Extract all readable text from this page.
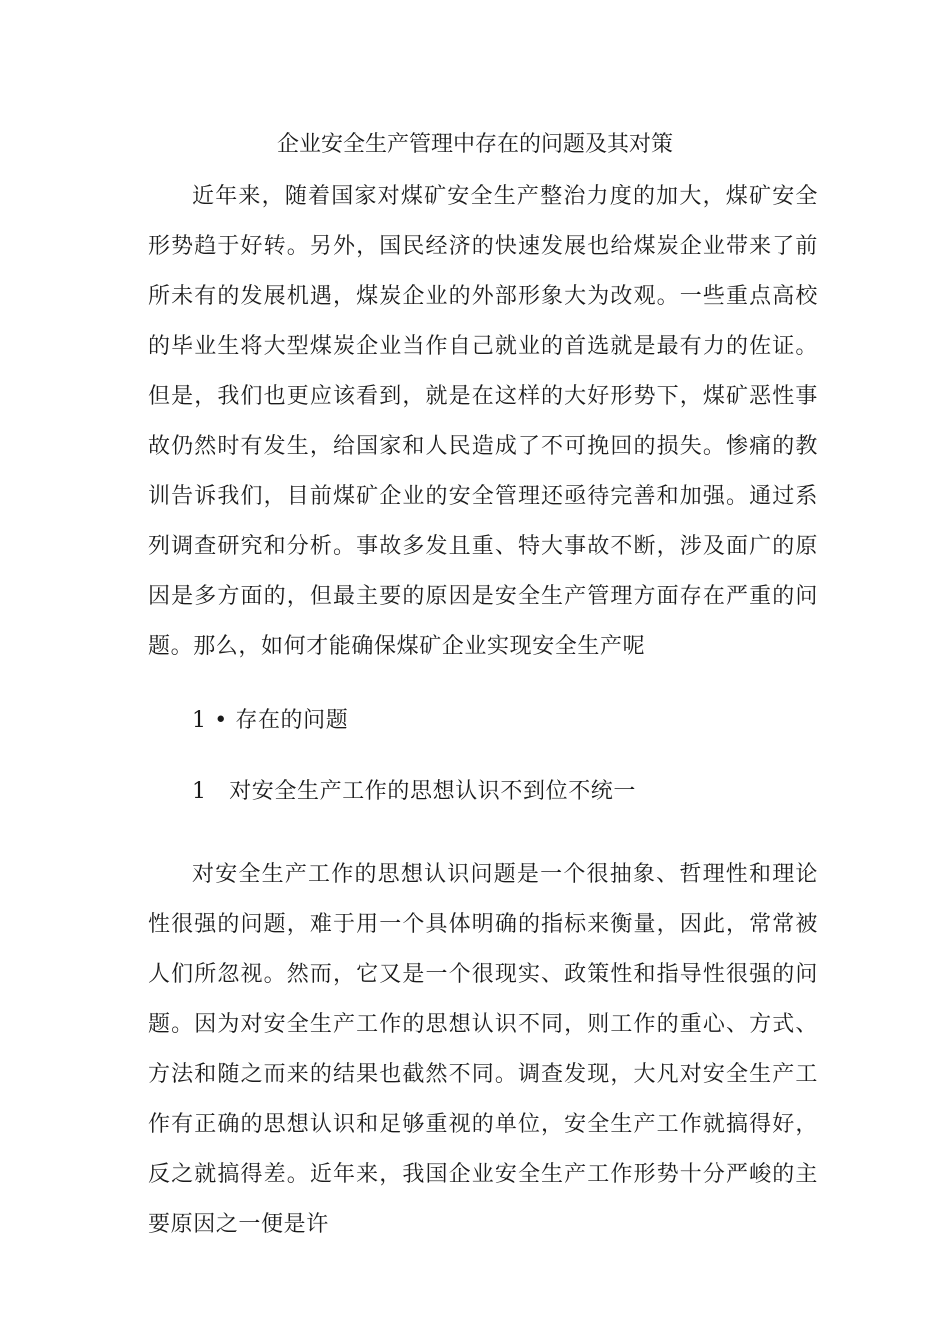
企业安全生产管理中存在的问题及其对策

近年来，随着国家对煤矿安全生产整治力度的加大，煤矿安全形势趋于好转。另外，国民经济的快速发展也给煤炭企业带来了前所未有的发展机遇，煤炭企业的外部形象大为改观。一些重点高校的毕业生将大型煤炭企业当作自己就业的首选就是最有力的佐证。但是，我们也更应该看到，就是在这样的大好形势下，煤矿恶性事故仍然时有发生，给国家和人民造成了不可挽回的损失。惨痛的教训告诉我们，目前煤矿企业的安全管理还亟待完善和加强。通过系列调查研究和分析。事故多发且重、特大事故不断，涉及面广的原因是多方面的，但最主要的原因是安全生产管理方面存在严重的问题。那么，如何才能确保煤矿企业实现安全生产呢

1 • 存在的问题
1　对安全生产工作的思想认识不到位不统一

对安全生产工作的思想认识问题是一个很抽象、哲理性和理论性很强的问题，难于用一个具体明确的指标来衡量，因此，常常被人们所忽视。然而，它又是一个很现实、政策性和指导性很强的问题。因为对安全生产工作的思想认识不同，则工作的重心、方式、方法和随之而来的结果也截然不同。调查发现，大凡对安全生产工作有正确的思想认识和足够重视的单位，安全生产工作就搞得好，反之就搞得差。近年来，我国企业安全生产工作形势十分严峻的主要原因之一便是许
